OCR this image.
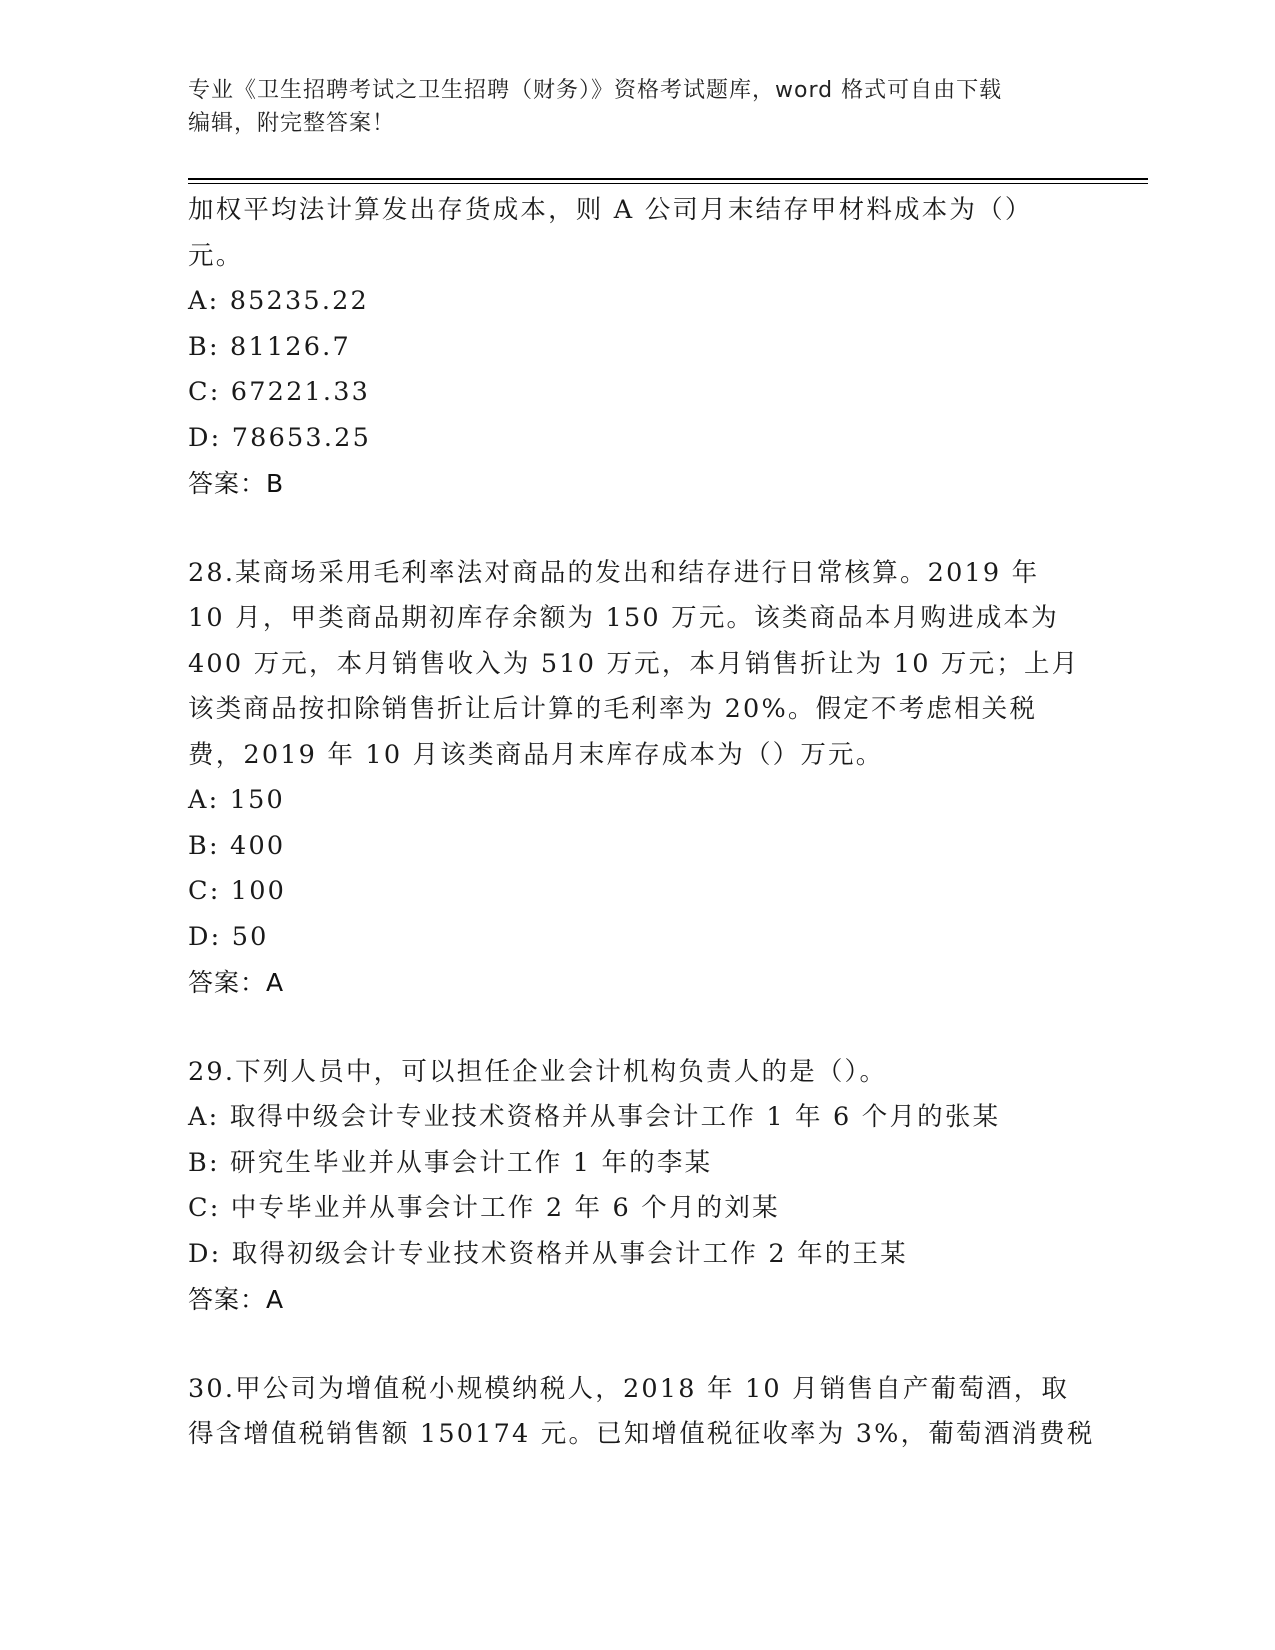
专业《卫生招聘考试之卫生招聘（财务）》资格考试题库，word 格式可自由下载
编辑，附完整答案！
加权平均法计算发出存货成本，则 A 公司月末结存甲材料成本为（）
元。
A: 85235.22
B: 81126.7
C: 67221.33
D: 78653.25
答案：B
28.某商场采用毛利率法对商品的发出和结存进行日常核算。2019 年
10 月，甲类商品期初库存余额为 150 万元。该类商品本月购进成本为
400 万元，本月销售收入为 510 万元，本月销售折让为 10 万元；上月
该类商品按扣除销售折让后计算的毛利率为 20%。假定不考虑相关税
费，2019 年 10 月该类商品月末库存成本为（）万元。
A: 150
B: 400
C: 100
D: 50
答案：A
29.下列人员中，可以担任企业会计机构负责人的是（）。
A: 取得中级会计专业技术资格并从事会计工作 1 年 6 个月的张某
B: 研究生毕业并从事会计工作 1 年的李某
C: 中专毕业并从事会计工作 2 年 6 个月的刘某
D: 取得初级会计专业技术资格并从事会计工作 2 年的王某
答案：A
30.甲公司为增值税小规模纳税人，2018 年 10 月销售自产葡萄酒，取
得含增值税销售额 150174 元。已知增值税征收率为 3%，葡萄酒消费税
